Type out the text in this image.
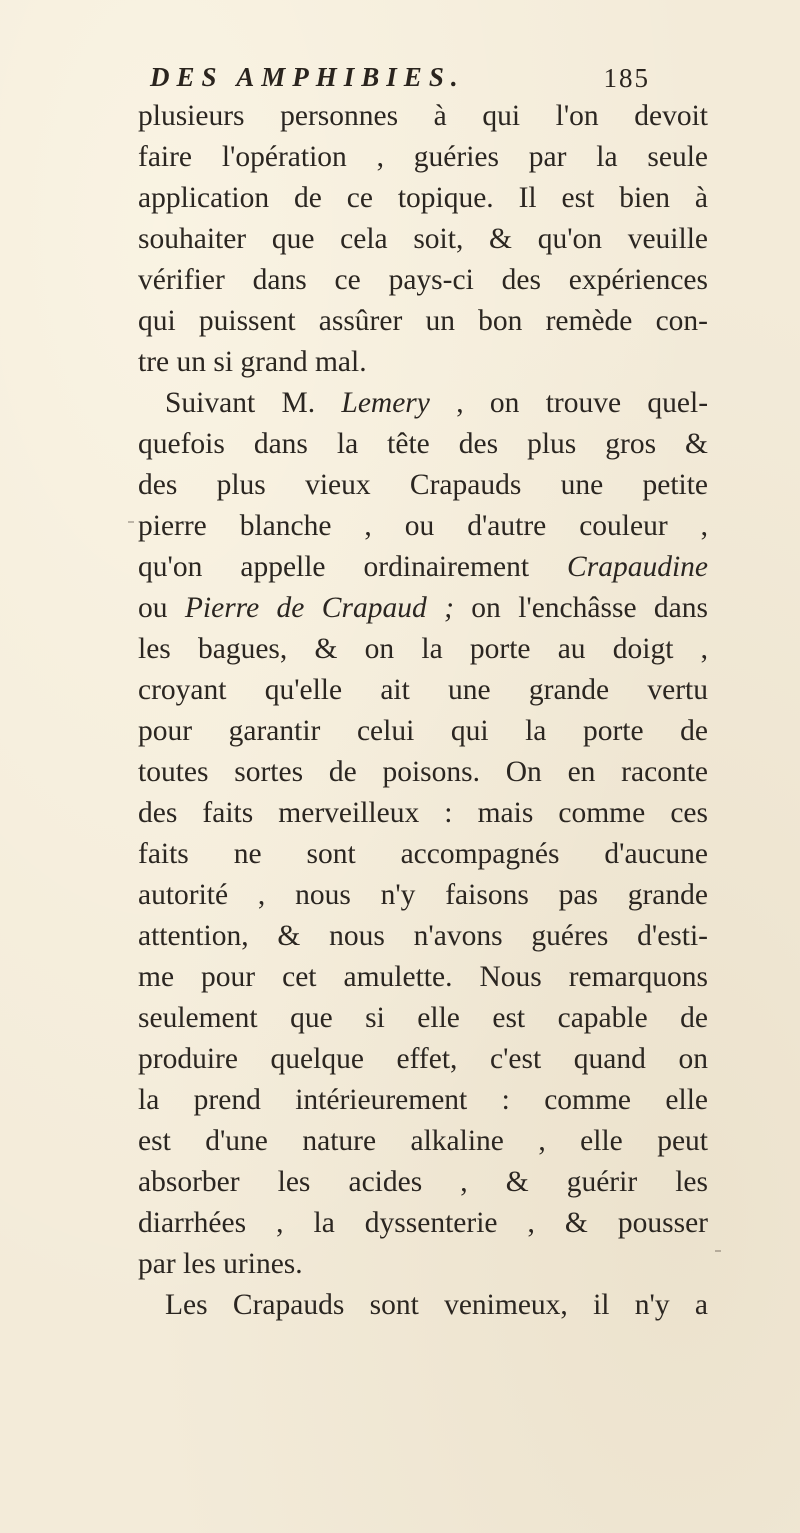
DES AMPHIBIES.	185
plusieurs personnes à qui l'on devoit
faire l'opération , guéries par la seule
application de ce topique. Il est bien à
souhaiter que cela soit, & qu'on veuille
vérifier dans ce pays-ci des expériences
qui puissent assûrer un bon remède con-
tre un si grand mal.
Suivant M. Lemery , on trouve quel-
quefois dans la tête des plus gros &
des plus vieux Crapauds une petite
pierre blanche , ou d'autre couleur ,
qu'on appelle ordinairement Crapaudine
ou Pierre de Crapaud ; on l'enchâsse dans
les bagues, & on la porte au doigt ,
croyant qu'elle ait une grande vertu
pour garantir celui qui la porte de
toutes sortes de poisons. On en raconte
des faits merveilleux : mais comme ces
faits ne sont accompagnés d'aucune
autorité , nous n'y faisons pas grande
attention, & nous n'avons guéres d'esti-
me pour cet amulette. Nous remarquons
seulement que si elle est capable de
produire quelque effet, c'est quand on
la prend intérieurement : comme elle
est d'une nature alkaline , elle peut
absorber les acides , & guérir les
diarrhées , la dyssenterie , & pousser
par les urines.
Les Crapauds sont venimeux, il n'y a
